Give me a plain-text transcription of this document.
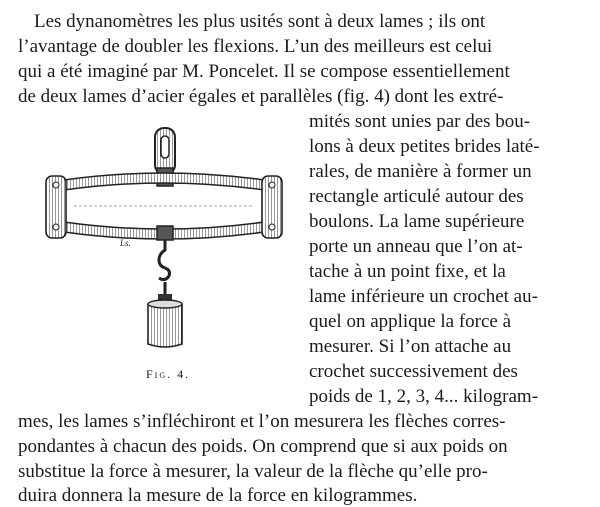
Les dynanomètres les plus usités sont à deux lames ; ils ont
l’avantage de doubler les flexions. L’un des meilleurs est celui
qui a été imaginé par M. Poncelet. Il se compose essentiellement
de deux lames d’acier égales et parallèles (fig. 4) dont les extré-
mités sont unies par des bou-
lons à deux petites brides laté-
rales, de manière à former un
rectangle articulé autour des
boulons. La lame supérieure
porte un anneau que l’on at-
tache à un point fixe, et la
lame inférieure un crochet au-
quel on applique la force à
mesurer. Si l’on attache au
crochet successivement des
poids de 1, 2, 3, 4... kilogram-
mes, les lames s’infléchiront et l’on mesurera les flèches corres-
pondantes à chacun des poids. On comprend que si aux poids on
substitue la force à mesurer, la valeur de la flèche qu’elle pro-
duira donnera la mesure de la force en kilogrammes.
Ls.
Fig. 4.
